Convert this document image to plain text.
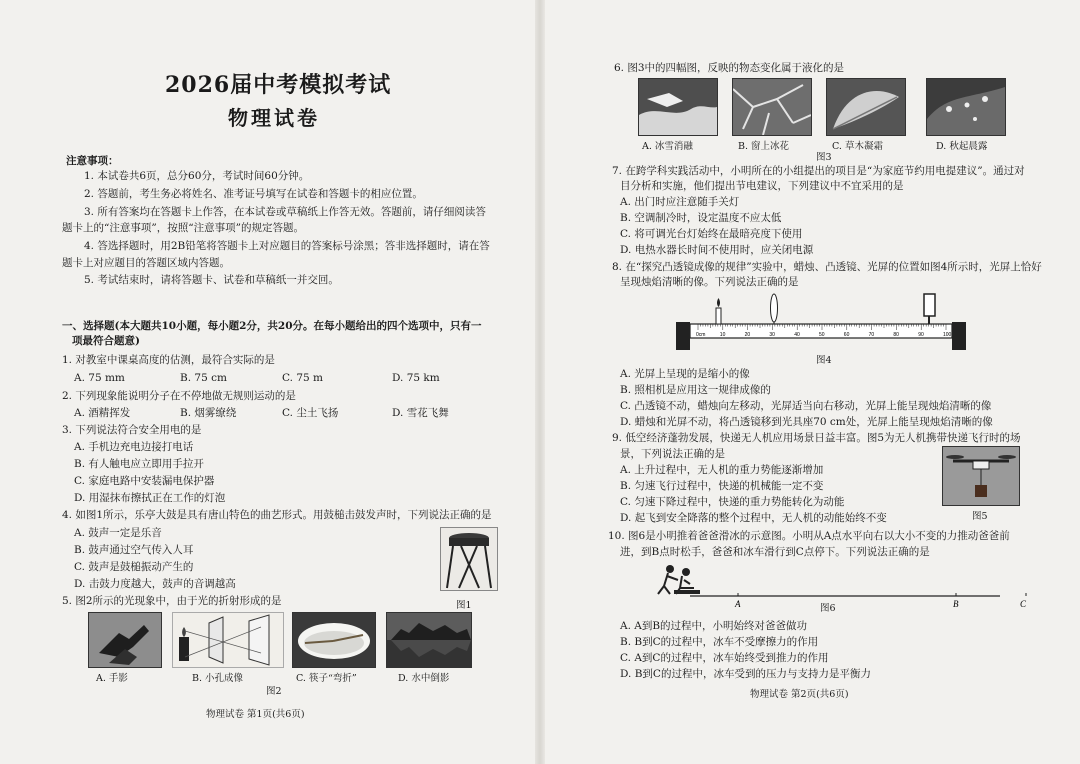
2026届中考模拟考试
物理试卷
注意事项：
1. 本试卷共6页，总分60分，考试时间60分钟。
2. 答题前，考生务必将姓名、准考证号填写在试卷和答题卡的相应位置。
3. 所有答案均在答题卡上作答，在本试卷或草稿纸上作答无效。答题前，请仔细阅读答
题卡上的“注意事项”，按照“注意事项”的规定答题。
4. 答选择题时，用2B铅笔将答题卡上对应题目的答案标号涂黑；答非选择题时，请在答
题卡上对应题目的答题区域内答题。
5. 考试结束时，请将答题卡、试卷和草稿纸一并交回。
一、选择题(本大题共10小题，每小题2分，共20分。在每小题给出的四个选项中，只有一
项最符合题意)
1. 对教室中课桌高度的估测，最符合实际的是
A. 75 mm	B. 75 cm	C. 75 m	D. 75 km
2. 下列现象能说明分子在不停地做无规则运动的是
A. 酒精挥发	B. 烟雾缭绕	C. 尘土飞扬	D. 雪花飞舞
3. 下列说法符合安全用电的是
A. 手机边充电边接打电话
B. 有人触电应立即用手拉开
C. 家庭电路中安装漏电保护器
D. 用湿抹布擦拭正在工作的灯泡
4. 如图1所示，乐亭大鼓是具有唐山特色的曲艺形式。用鼓槌击鼓发声时，下列说法正确的是
A. 鼓声一定是乐音
B. 鼓声通过空气传入人耳
C. 鼓声是鼓槌振动产生的
D. 击鼓力度越大，鼓声的音调越高
图1
5. 图2所示的光现象中，由于光的折射形成的是
A. 手影	B. 小孔成像	C. 筷子“弯折”	D. 水中倒影
图2
物理试卷 第1页(共6页)
6. 图3中的四幅图，反映的物态变化属于液化的是
A. 冰雪消融	B. 窗上冰花	C. 草木凝霜	D. 秋起晨露
图3
7. 在跨学科实践活动中，小明所在的小组提出的项目是“为家庭节约用电提建议”。通过对
目分析和实施，他们提出节电建议，下列建议中不宜采用的是
A. 出门时应注意随手关灯
B. 空调制冷时，设定温度不应太低
C. 将可调光台灯始终在最暗亮度下使用
D. 电热水器长时间不使用时，应关闭电源
8. 在“探究凸透镜成像的规律”实验中，蜡烛、凸透镜、光屏的位置如图4所示时，光屏上恰好
呈现烛焰清晰的像。下列说法正确的是
0cm	10	20	30	40	50	60	70	80	90	100
图4
A. 光屏上呈现的是缩小的像
B. 照相机是应用这一规律成像的
C. 凸透镜不动，蜡烛向左移动，光屏适当向右移动，光屏上能呈现烛焰清晰的像
D. 蜡烛和光屏不动，将凸透镜移到光具座70 cm处，光屏上能呈现烛焰清晰的像
9. 低空经济蓬勃发展，快递无人机应用场景日益丰富。图5为无人机携带快递飞行时的场
景，下列说法正确的是
A. 上升过程中，无人机的重力势能逐渐增加
B. 匀速飞行过程中，快递的机械能一定不变
C. 匀速下降过程中，快递的重力势能转化为动能
D. 起飞到安全降落的整个过程中，无人机的动能始终不变	图5
10. 图6是小明推着爸爸滑冰的示意图。小明从A点水平向右以大小不变的力推动爸爸前
进，到B点时松手，爸爸和冰车滑行到C点停下。下列说法正确的是
A	B	C
图6
A. A到B的过程中，小明始终对爸爸做功
B. B到C的过程中，冰车不受摩擦力的作用
C. A到C的过程中，冰车始终受到推力的作用
D. B到C的过程中，冰车受到的压力与支持力是平衡力
物理试卷 第2页(共6页)
